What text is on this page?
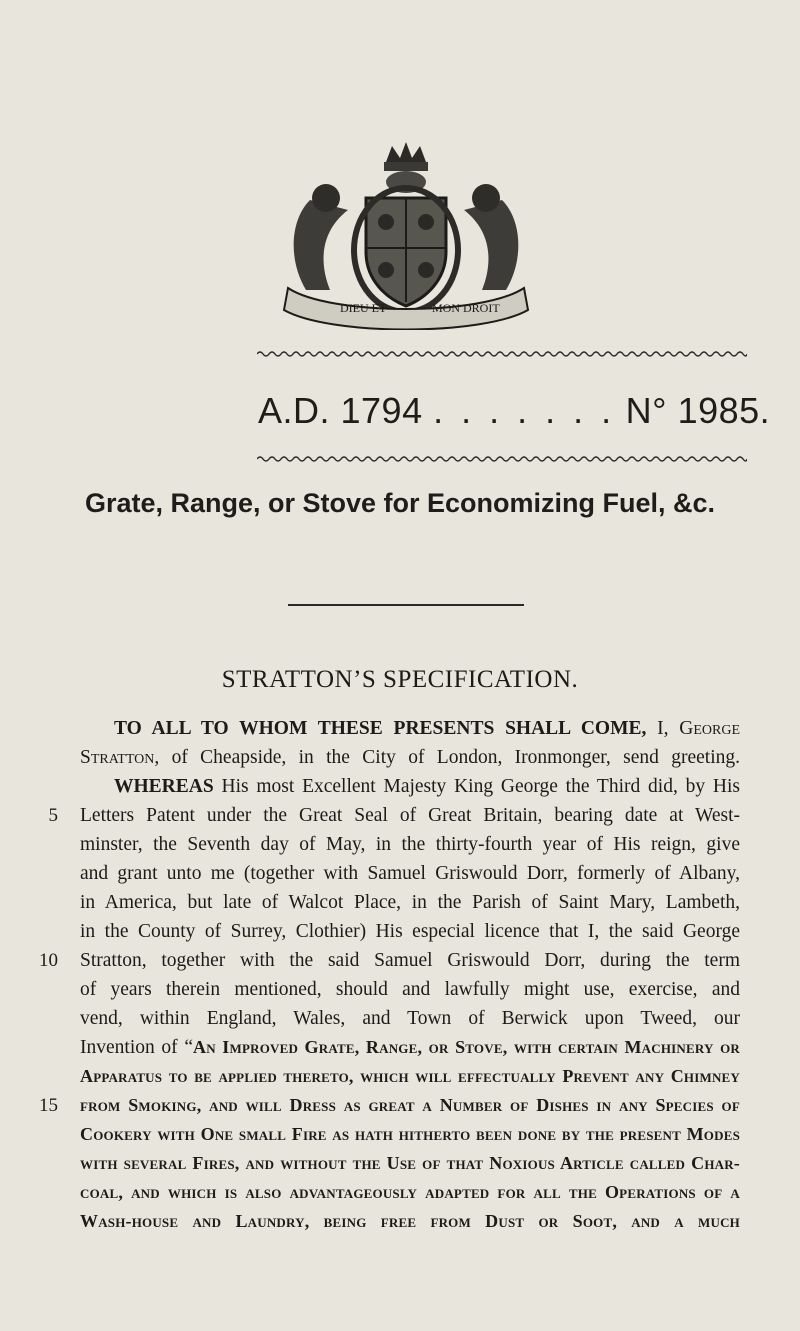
DIEU ET	MON DROIT
A.D. 1794 . . . . . . . N° 1985.
Grate, Range, or Stove for Economizing Fuel, &c.
STRATTON’S SPECIFICATION.
5
10
15
TO ALL TO WHOM THESE PRESENTS SHALL COME, I, George
Stratton, of Cheapside, in the City of London, Ironmonger, send greeting.
WHEREAS His most Excellent Majesty King George the Third did, by His
Letters Patent under the Great Seal of Great Britain, bearing date at West-
minster, the Seventh day of May, in the thirty-fourth year of His reign, give
and grant unto me (together with Samuel Griswould Dorr, formerly of Albany,
in America, but late of Walcot Place, in the Parish of Saint Mary, Lambeth,
in the County of Surrey, Clothier) His especial licence that I, the said George
Stratton, together with the said Samuel Griswould Dorr, during the term
of years therein mentioned, should and lawfully might use, exercise, and
vend, within England, Wales, and Town of Berwick upon Tweed, our
Invention of “An Improved Grate, Range, or Stove, with certain Machinery or
Apparatus to be applied thereto, which will effectually Prevent any Chimney
from Smoking, and will Dress as great a Number of Dishes in any Species of
Cookery with One small Fire as hath hitherto been done by the present Modes
with several Fires, and without the Use of that Noxious Article called Char-
coal, and which is also advantageously adapted for all the Operations of a
Wash-house and Laundry, being free from Dust or Soot, and a much
